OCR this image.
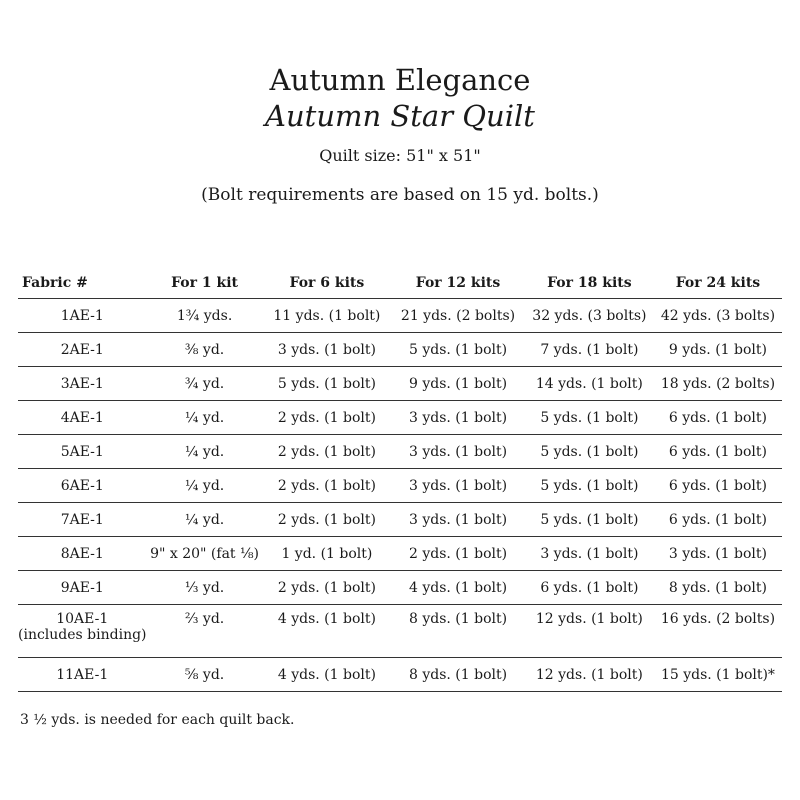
Autumn Elegance
Autumn Star Quilt
Quilt size: 51" x 51"
(Bolt requirements are based on 15 yd. bolts.)
Fabric #	For 1 kit	For 6 kits	For 12 kits	For 18 kits	For 24 kits
1AE-1	1¾ yds.	11 yds. (1 bolt)	21 yds. (2 bolts)	32 yds. (3 bolts)	42 yds. (3 bolts)
2AE-1	⅜ yd.	3 yds. (1 bolt)	5 yds. (1 bolt)	7 yds. (1 bolt)	9 yds. (1 bolt)
3AE-1	¾ yd.	5 yds. (1 bolt)	9 yds. (1 bolt)	14 yds. (1 bolt)	18 yds. (2 bolts)
4AE-1	¼ yd.	2 yds. (1 bolt)	3 yds. (1 bolt)	5 yds. (1 bolt)	6 yds. (1 bolt)
5AE-1	¼ yd.	2 yds. (1 bolt)	3 yds. (1 bolt)	5 yds. (1 bolt)	6 yds. (1 bolt)
6AE-1	¼ yd.	2 yds. (1 bolt)	3 yds. (1 bolt)	5 yds. (1 bolt)	6 yds. (1 bolt)
7AE-1	¼ yd.	2 yds. (1 bolt)	3 yds. (1 bolt)	5 yds. (1 bolt)	6 yds. (1 bolt)
8AE-1	9" x 20" (fat ⅛)	1 yd. (1 bolt)	2 yds. (1 bolt)	3 yds. (1 bolt)	3 yds. (1 bolt)
9AE-1	⅓ yd.	2 yds. (1 bolt)	4 yds. (1 bolt)	6 yds. (1 bolt)	8 yds. (1 bolt)
10AE-1
(includes binding)	⅔ yd.	4 yds. (1 bolt)	8 yds. (1 bolt)	12 yds. (1 bolt)	16 yds. (2 bolts)
11AE-1	⅝ yd.	4 yds. (1 bolt)	8 yds. (1 bolt)	12 yds. (1 bolt)	15 yds. (1 bolt)*
3 ½ yds. is needed for each quilt back.
